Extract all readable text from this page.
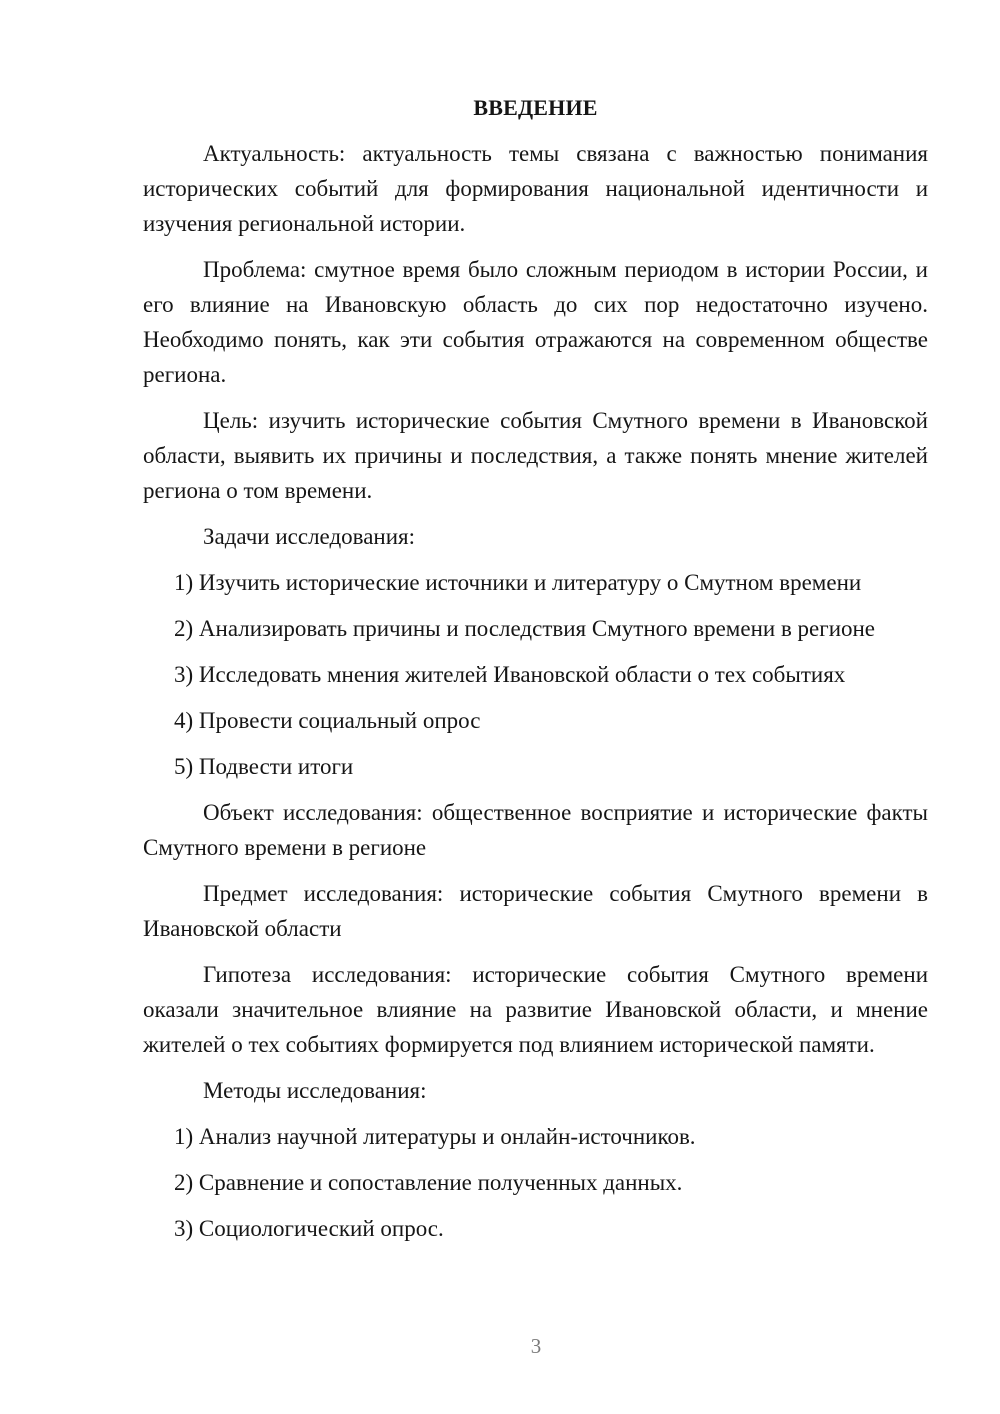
ВВЕДЕНИЕ

Актуальность: актуальность темы связана с важностью понимания исторических событий для формирования национальной идентичности и изучения региональной истории.

Проблема: смутное время было сложным периодом в истории России, и его влияние на Ивановскую область до сих пор недостаточно изучено. Необходимо понять, как эти события отражаются на современном обществе региона.

Цель: изучить исторические события Смутного времени в Ивановской области, выявить их причины и последствия, а также понять мнение жителей региона о том времени.

Задачи исследования:

1) Изучить исторические источники и литературу о Смутном времени

2) Анализировать причины и последствия Смутного времени в регионе

3) Исследовать мнения жителей Ивановской области о тех событиях

4) Провести социальный опрос

5) Подвести итоги

Объект исследования: общественное восприятие и исторические факты Смутного времени в регионе

Предмет исследования: исторические события Смутного времени в Ивановской области

Гипотеза исследования: исторические события Смутного времени оказали значительное влияние на развитие Ивановской области, и мнение жителей о тех событиях формируется под влиянием исторической памяти.

Методы исследования:

1) Анализ научной литературы и онлайн-источников.

2) Сравнение и сопоставление полученных данных.

3) Социологический опрос.

3
